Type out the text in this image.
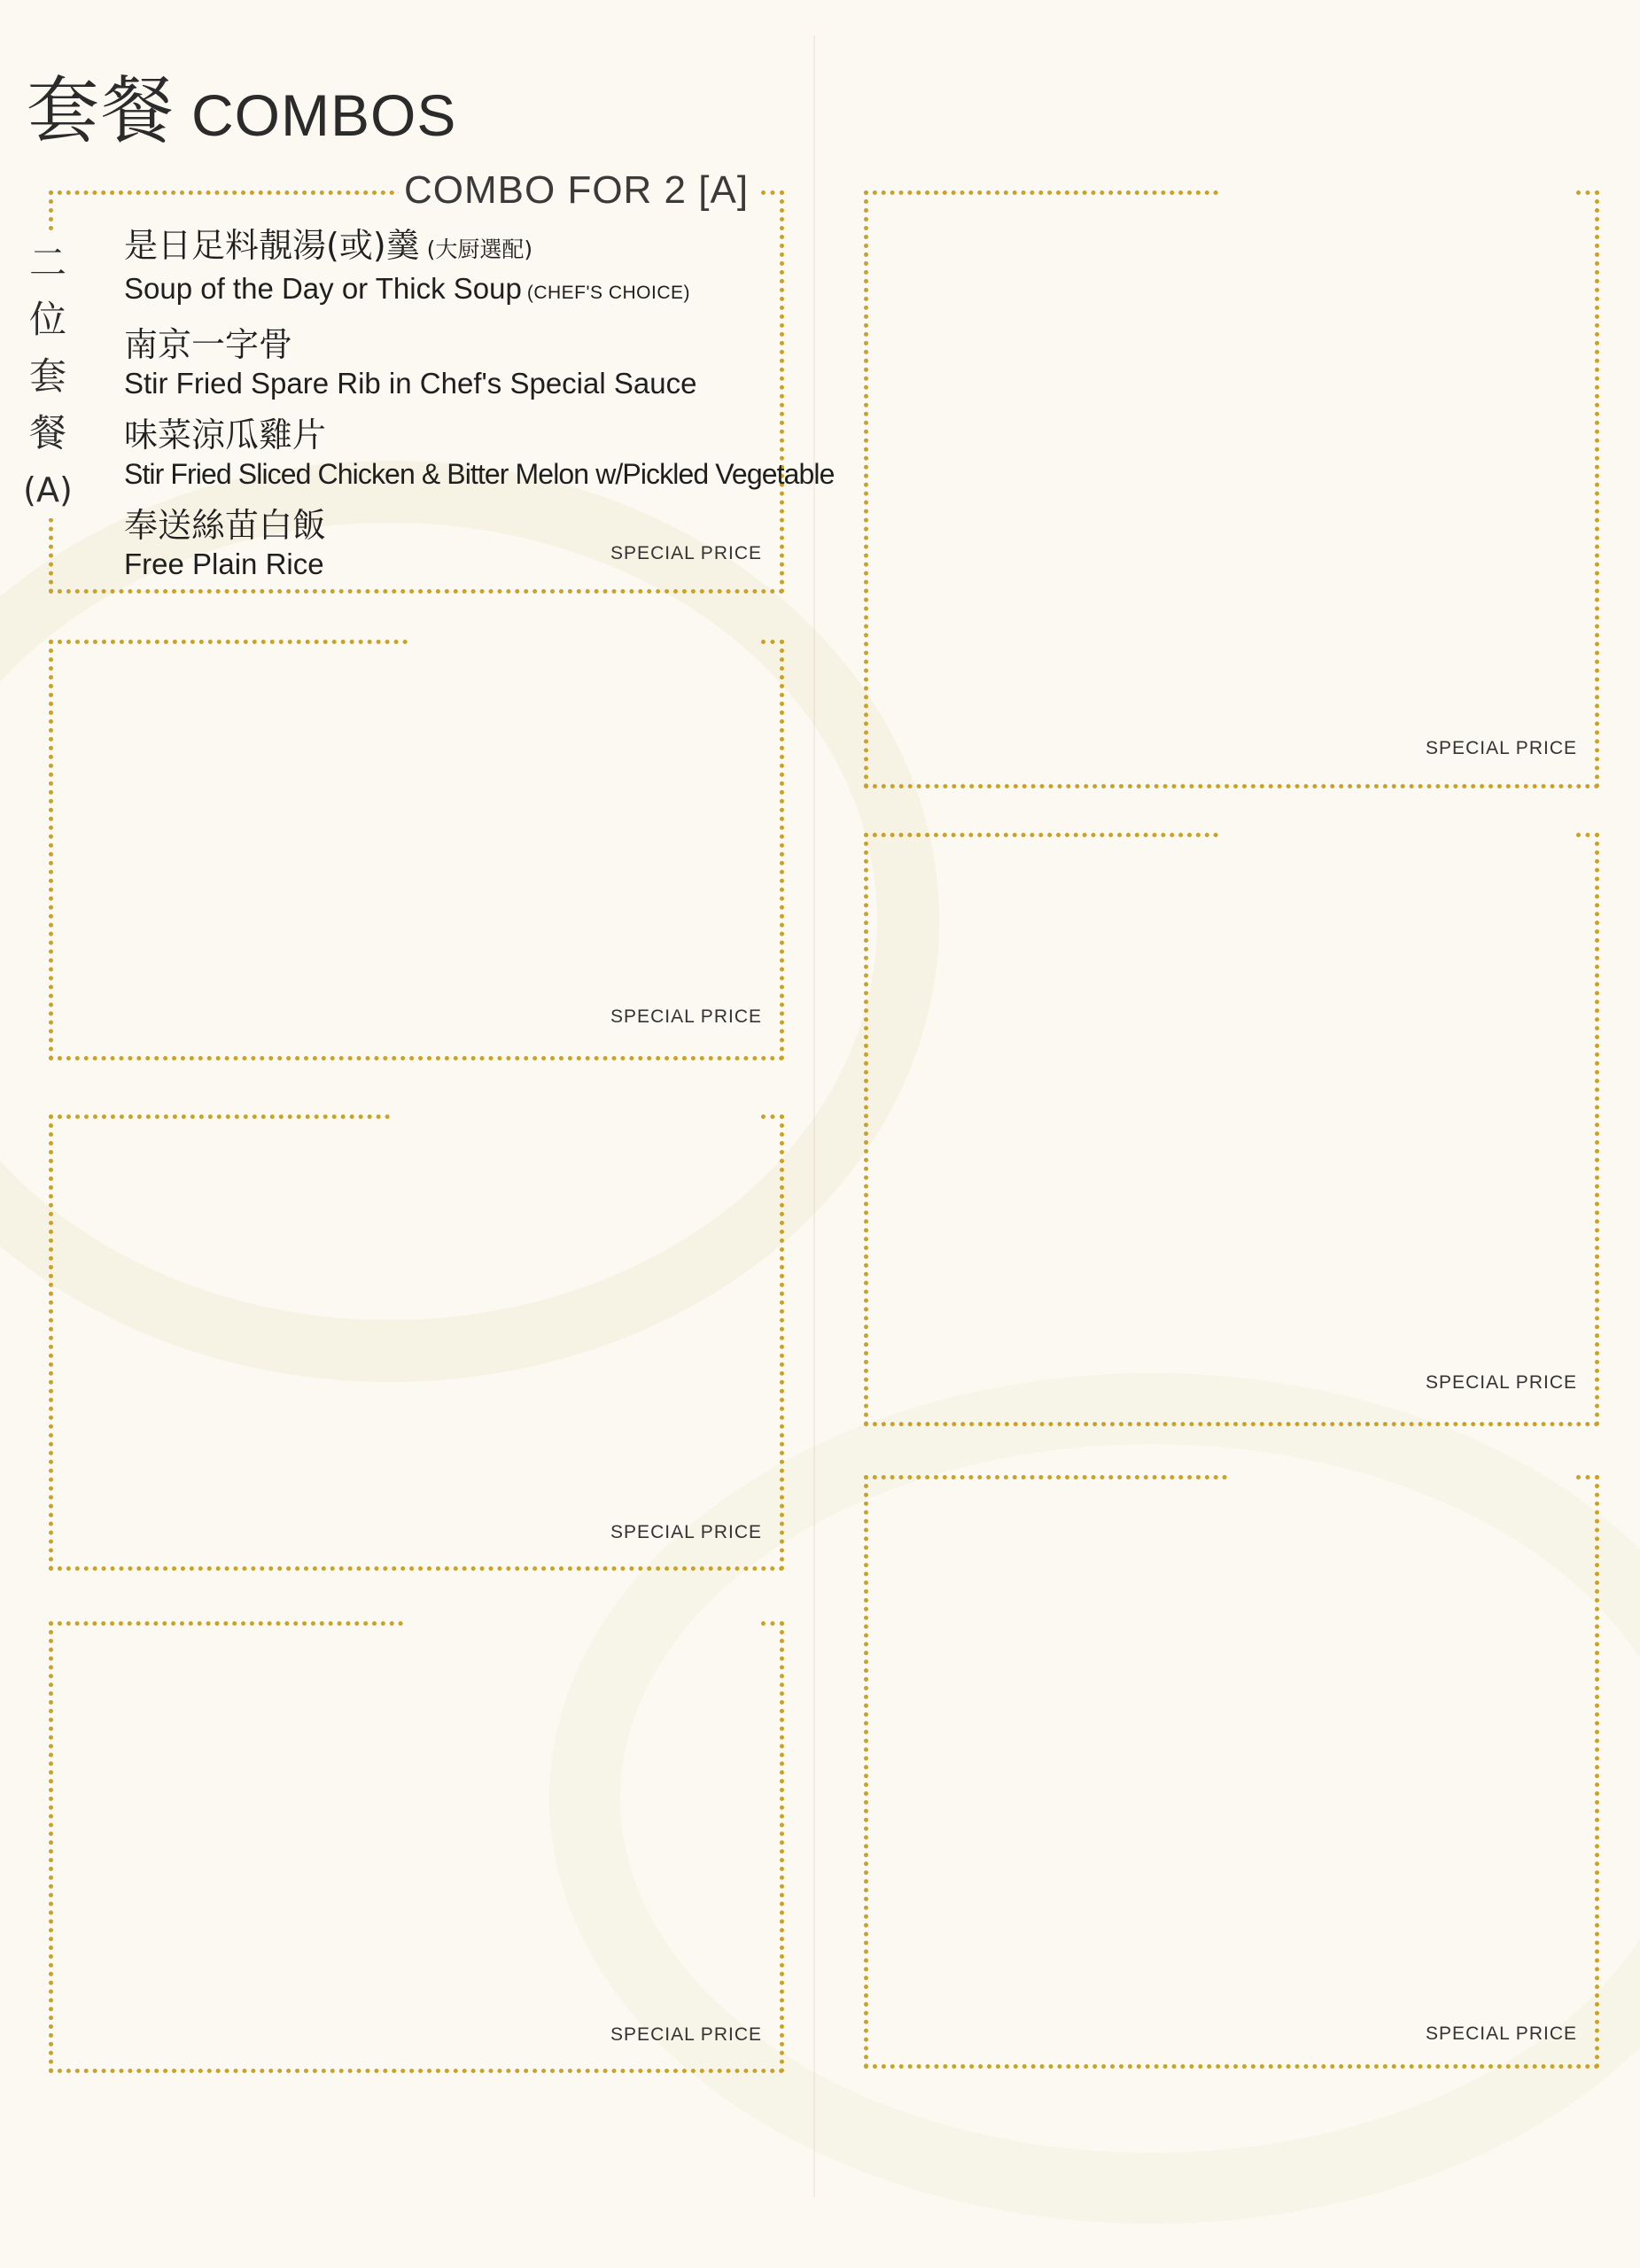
套餐 COMBOS
COMBO FOR 2 [A]
二
位
套
餐
(A)
是日足料靚湯(或)羹 (大厨選配)
Soup of the Day or Thick Soup (CHEF'S CHOICE)
南京一字骨
Stir Fried Spare Rib in Chef's Special Sauce
味菜涼瓜雞片
Stir Fried Sliced Chicken & Bitter Melon w/Pickled Vegetable
奉送絲苗白飯
Free Plain Rice	SPECIAL PRICE
SPECIAL PRICE
SPECIAL PRICE
SPECIAL PRICE
SPECIAL PRICE
SPECIAL PRICE
SPECIAL PRICE
